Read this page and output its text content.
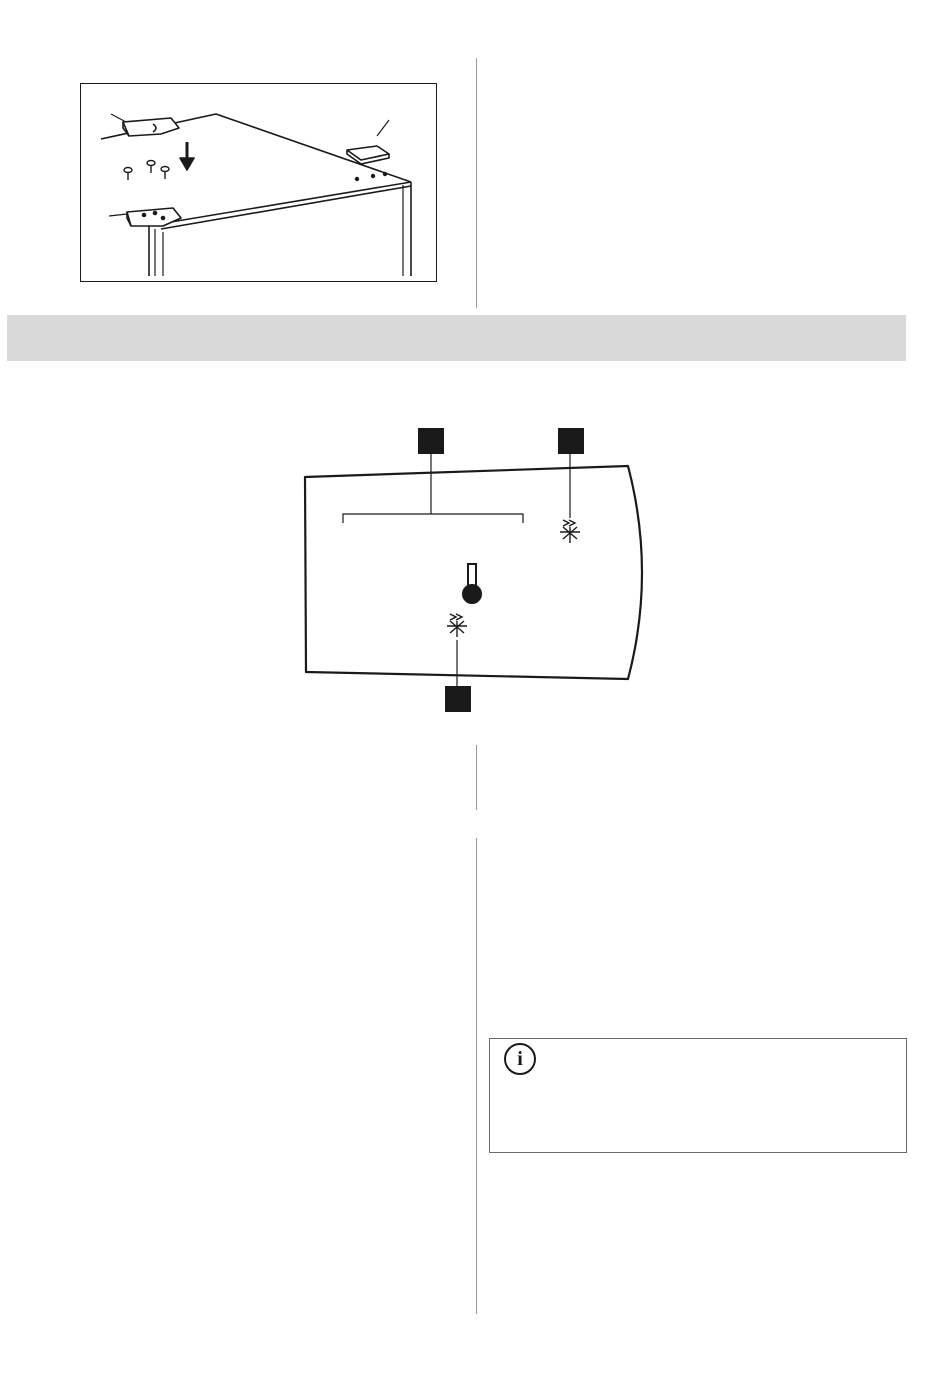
i
